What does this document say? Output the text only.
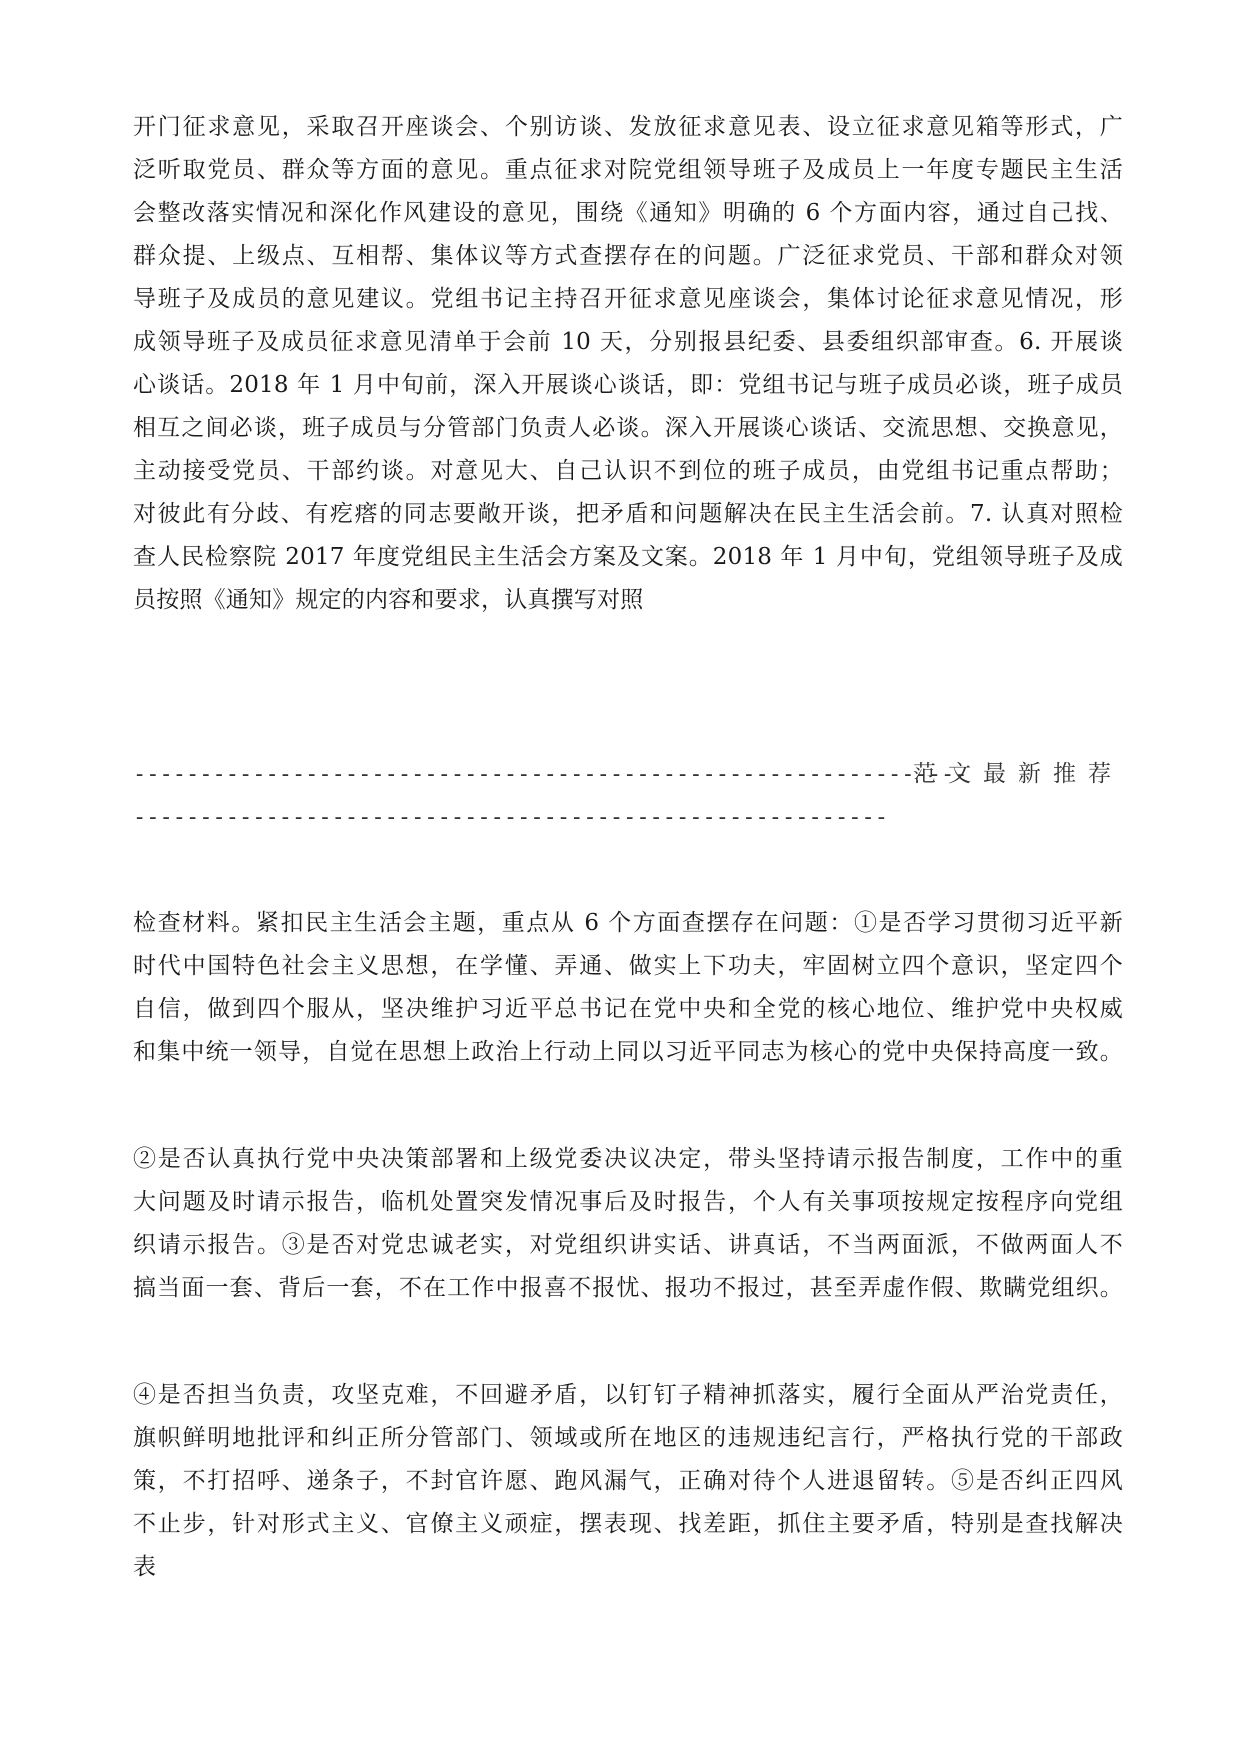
开门征求意见，采取召开座谈会、个别访谈、发放征求意见表、设立征求意见箱等形式，广
泛听取党员、群众等方面的意见。重点征求对院党组领导班子及成员上一年度专题民主生活
会整改落实情况和深化作风建设的意见，围绕《通知》明确的 6 个方面内容，通过自己找、
群众提、上级点、互相帮、集体议等方式查摆存在的问题。广泛征求党员、干部和群众对领
导班子及成员的意见建议。党组书记主持召开征求意见座谈会，集体讨论征求意见情况，形
成领导班子及成员征求意见清单于会前 10 天，分别报县纪委、县委组织部审查。6. 开展谈
心谈话。2018 年 1 月中旬前，深入开展谈心谈话，即：党组书记与班子成员必谈，班子成员
相互之间必谈，班子成员与分管部门负责人必谈。深入开展谈心谈话、交流思想、交换意见，
主动接受党员、干部约谈。对意见大、自己认识不到位的班子成员，由党组书记重点帮助；
对彼此有分歧、有疙瘩的同志要敞开谈，把矛盾和问题解决在民主生活会前。7. 认真对照检
查人民检察院 2017 年度党组民主生活会方案及文案。2018 年 1 月中旬，党组领导班子及成
员按照《通知》规定的内容和要求，认真撰写对照
范文最新推荐
---------------------------------------------------------------
---------------------------------------------------------
检查材料。紧扣民主生活会主题，重点从 6 个方面查摆存在问题：①是否学习贯彻习近平新
时代中国特色社会主义思想，在学懂、弄通、做实上下功夫，牢固树立四个意识，坚定四个
自信，做到四个服从，坚决维护习近平总书记在党中央和全党的核心地位、维护党中央权威
和集中统一领导，自觉在思想上政治上行动上同以习近平同志为核心的党中央保持高度一致。
②是否认真执行党中央决策部署和上级党委决议决定，带头坚持请示报告制度，工作中的重
大问题及时请示报告，临机处置突发情况事后及时报告，个人有关事项按规定按程序向党组
织请示报告。③是否对党忠诚老实，对党组织讲实话、讲真话，不当两面派，不做两面人不
搞当面一套、背后一套，不在工作中报喜不报忧、报功不报过，甚至弄虚作假、欺瞒党组织。
④是否担当负责，攻坚克难，不回避矛盾，以钉钉子精神抓落实，履行全面从严治党责任，
旗帜鲜明地批评和纠正所分管部门、领域或所在地区的违规违纪言行，严格执行党的干部政
策，不打招呼、递条子，不封官许愿、跑风漏气，正确对待个人进退留转。⑤是否纠正四风
不止步，针对形式主义、官僚主义顽症，摆表现、找差距，抓住主要矛盾，特别是查找解决
表
